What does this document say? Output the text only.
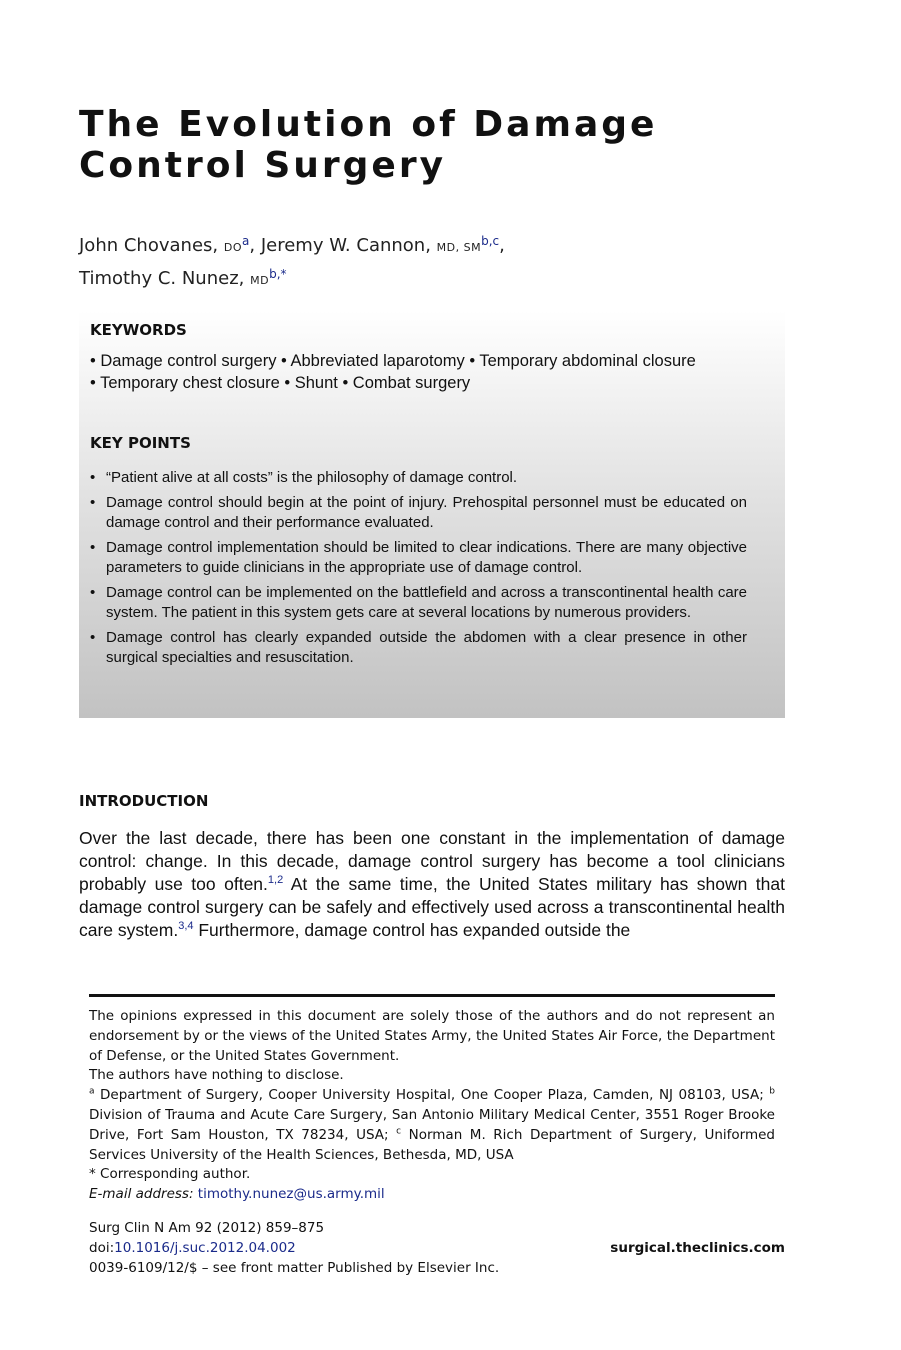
The Evolution of Damage Control Surgery
John Chovanes, DO$^a$, Jeremy W. Cannon, MD, SM$^{b,c}$,
Timothy C. Nunez, MD$^{b,*}$
KEYWORDS
• Damage control surgery • Abbreviated laparotomy • Temporary abdominal closure
• Temporary chest closure • Shunt • Combat surgery
KEY POINTS
• “Patient alive at all costs” is the philosophy of damage control.
• Damage control should begin at the point of injury. Prehospital personnel must be educated on damage control and their performance evaluated.
• Damage control implementation should be limited to clear indications. There are many objective parameters to guide clinicians in the appropriate use of damage control.
• Damage control can be implemented on the battlefield and across a transcontinental health care system. The patient in this system gets care at several locations by numerous providers.
• Damage control has clearly expanded outside the abdomen with a clear presence in other surgical specialties and resuscitation.
INTRODUCTION

Over the last decade, there has been one constant in the implementation of damage control: change. In this decade, damage control surgery has become a tool clinicians probably use too often.$^{1,2}$ At the same time, the United States military has shown that damage control surgery can be safely and effectively used across a transcontinental health care system.$^{3,4}$ Furthermore, damage control has expanded outside the

The opinions expressed in this document are solely those of the authors and do not represent an endorsement by or the views of the United States Army, the United States Air Force, the Department of Defense, or the United States Government.

The authors have nothing to disclose.

$^a$ Department of Surgery, Cooper University Hospital, One Cooper Plaza, Camden, NJ 08103, USA; $^b$ Division of Trauma and Acute Care Surgery, San Antonio Military Medical Center, 3551 Roger Brooke Drive, Fort Sam Houston, TX 78234, USA; $^c$ Norman M. Rich Department of Surgery, Uniformed Services University of the Health Sciences, Bethesda, MD, USA

* Corresponding author.

E-mail address: timothy.nunez@us.army.mil

Surg Clin N Am 92 (2012) 859–875
doi:10.1016/j.suc.2012.04.002
0039-6109/12/$ – see front matter Published by Elsevier Inc.
surgical.theclinics.com
